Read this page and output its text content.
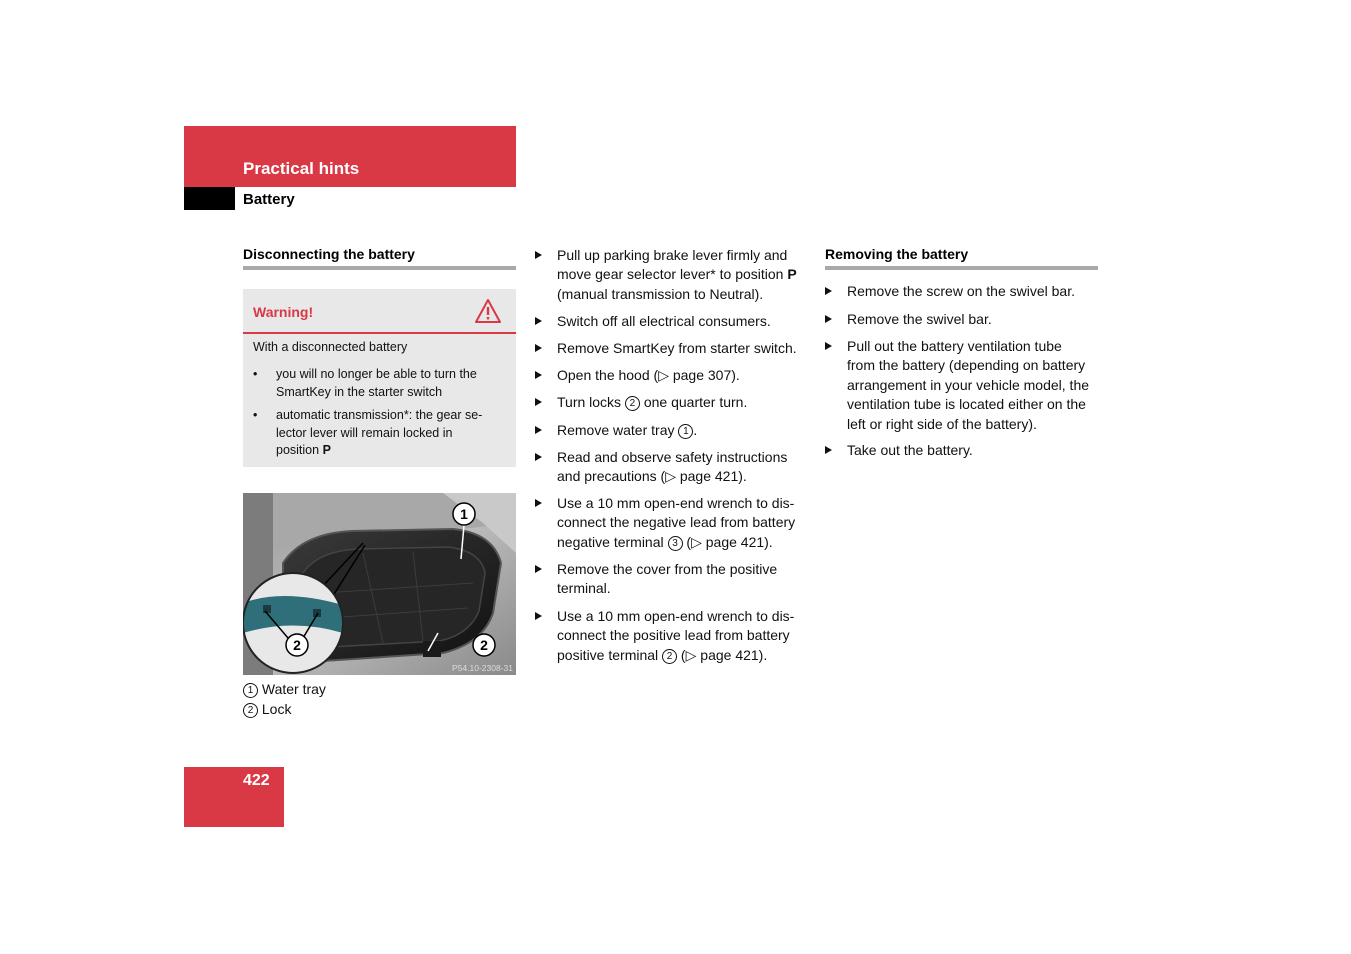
Practical hints
Battery
Disconnecting the battery
Warning!
With a disconnected battery
• you will no longer be able to turn the
SmartKey in the starter switch
• automatic transmission*: the gear se-
lector lever will remain locked in
position P
1
2	2
P54.10-2308-31
1 Water tray
2 Lock
Pull up parking brake lever firmly and
move gear selector lever* to position P
(manual transmission to Neutral).
Switch off all electrical consumers.
Remove SmartKey from starter switch.
Open the hood (▷ page 307).
Turn locks 2 one quarter turn.
Remove water tray 1 .
Read and observe safety instructions
and precautions (▷ page 421).
Use a 10 mm open-end wrench to dis-
connect the negative lead from battery
negative terminal 3 (▷ page 421).
Remove the cover from the positive
terminal.
Use a 10 mm open-end wrench to dis-
connect the positive lead from battery
positive terminal 2 (▷ page 421).
Removing the battery
Remove the screw on the swivel bar.
Remove the swivel bar.
Pull out the battery ventilation tube
from the battery (depending on battery
arrangement in your vehicle model, the
ventilation tube is located either on the
left or right side of the battery).
Take out the battery.
422
